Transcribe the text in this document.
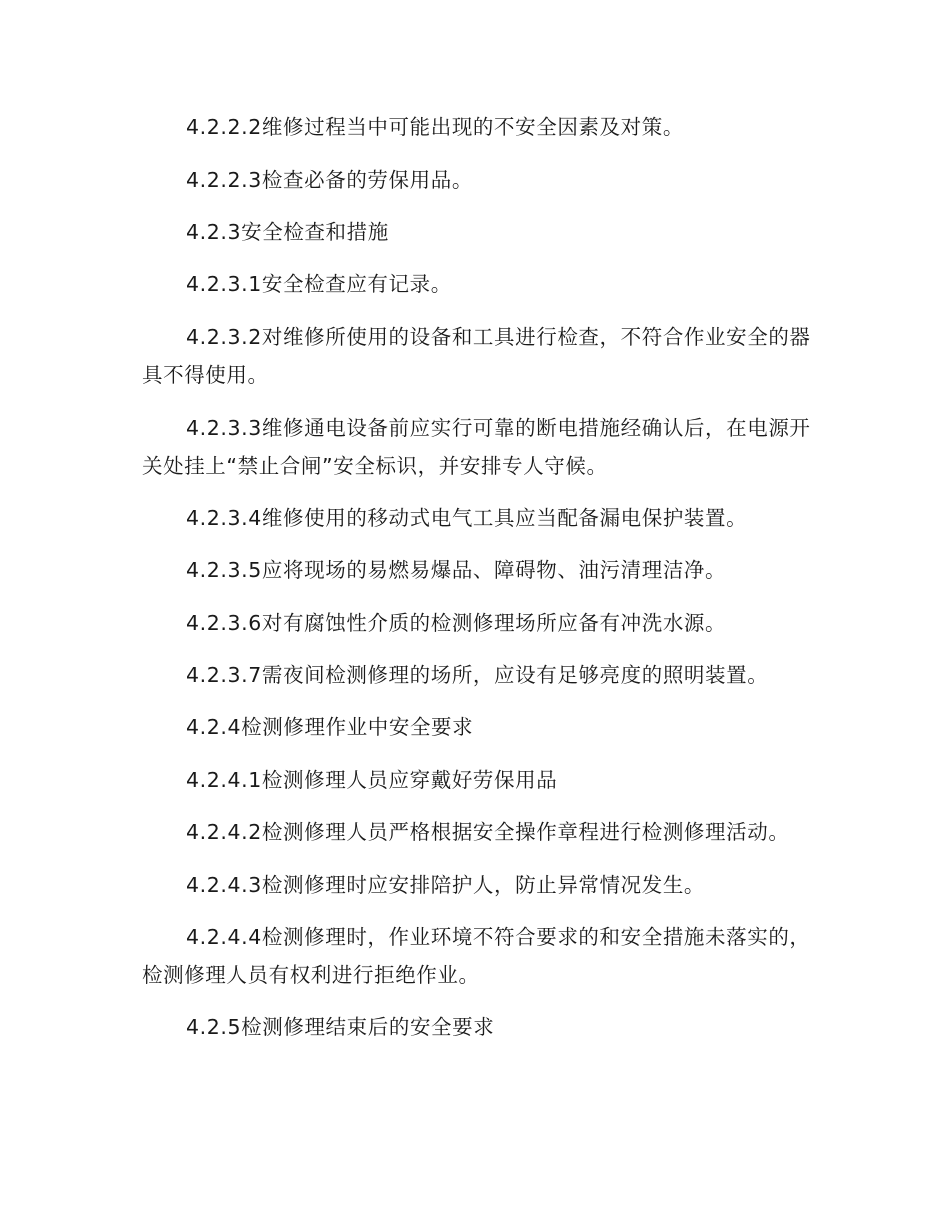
4.2.2.2维修过程当中可能出现的不安全因素及对策。

4.2.2.3检查必备的劳保用品。

4.2.3安全检查和措施

4.2.3.1安全检查应有记录。

4.2.3.2对维修所使用的设备和工具进行检查，不符合作业安全的器具不得使用。

4.2.3.3维修通电设备前应实行可靠的断电措施经确认后，在电源开关处挂上“禁止合闸”安全标识，并安排专人守候。

4.2.3.4维修使用的移动式电气工具应当配备漏电保护装置。

4.2.3.5应将现场的易燃易爆品、障碍物、油污清理洁净。

4.2.3.6对有腐蚀性介质的检测修理场所应备有冲洗水源。

4.2.3.7需夜间检测修理的场所，应设有足够亮度的照明装置。

4.2.4检测修理作业中安全要求

4.2.4.1检测修理人员应穿戴好劳保用品

4.2.4.2检测修理人员严格根据安全操作章程进行检测修理活动。

4.2.4.3检测修理时应安排陪护人，防止异常情况发生。

4.2.4.4检测修理时，作业环境不符合要求的和安全措施未落实的，检测修理人员有权利进行拒绝作业。

4.2.5检测修理结束后的安全要求
